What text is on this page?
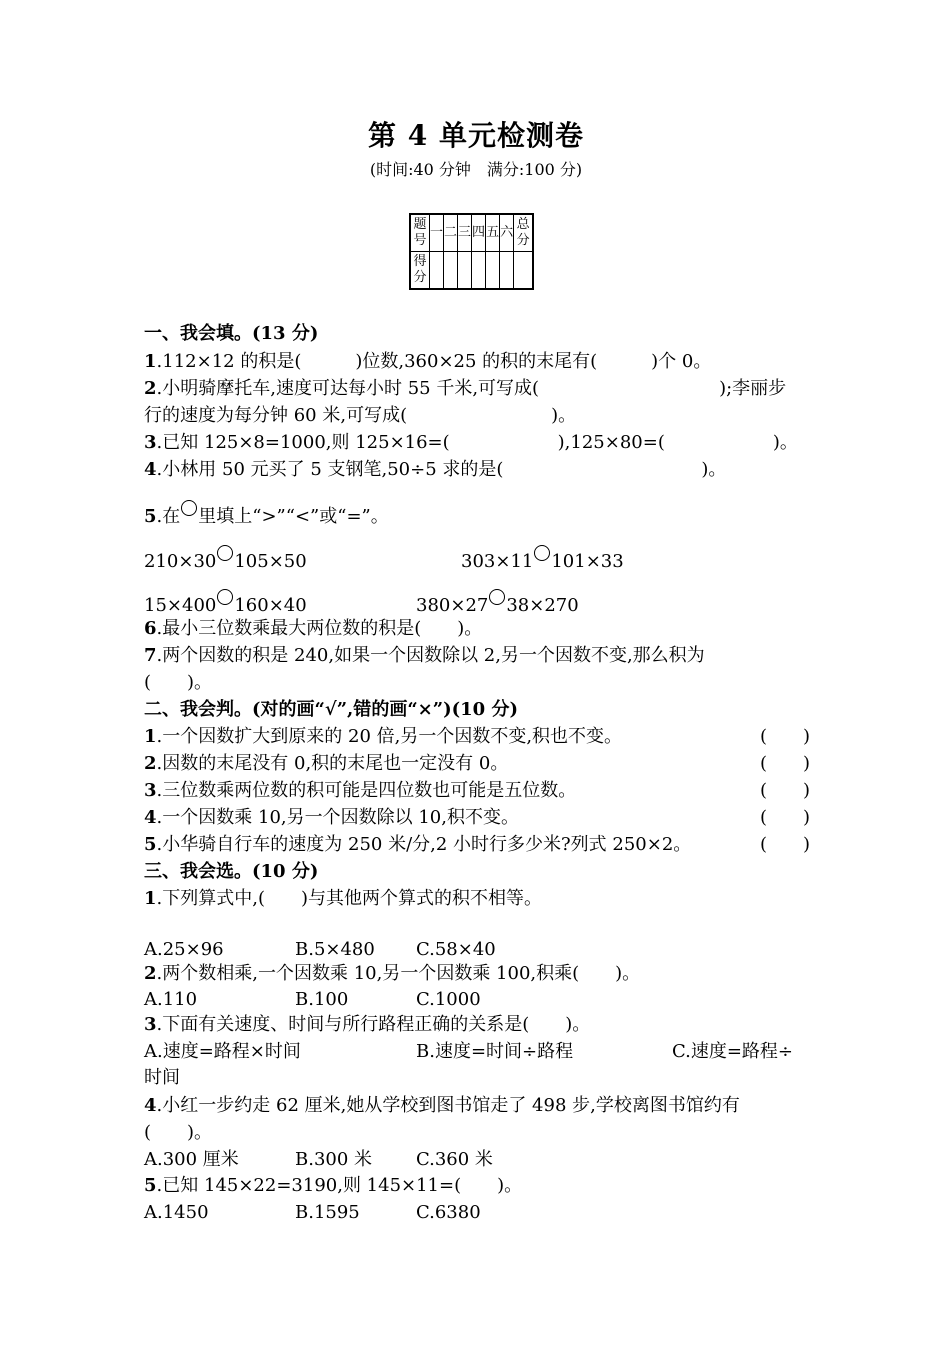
第 4 单元检测卷
(时间:40 分钟　满分:100 分)
题号	一	二	三	四	五	六	总分
得分							
一、我会填。(13 分)
1.112×12 的积是(　　　)位数,360×25 的积的末尾有(　　　)个 0。
2.小明骑摩托车,速度可达每小时 55 千米,可写成(　　　　　　　　　　);李丽步
行的速度为每分钟 60 米,可写成(　　　　　　　　)。
3.已知 125×8=1000,则 125×16=(　　　　　　),125×80=(　　　　　　)。
4.小林用 50 元买了 5 支钢笔,50÷5 求的是(　　　　　　　　　　　)。
5.在 里填上“>”“<”或“=”。
210×30 105×50	303×11 101×33
15×400 160×40	380×27 38×270
6.最小三位数乘最大两位数的积是(　　)。
7.两个因数的积是 240,如果一个因数除以 2,另一个因数不变,那么积为
(　　)。
二、我会判。(对的画“√”,错的画“×”)(10 分)
1.一个因数扩大到原来的 20 倍,另一个因数不变,积也不变。	(　　)
2.因数的末尾没有 0,积的末尾也一定没有 0。	(　　)
3.三位数乘两位数的积可能是四位数也可能是五位数。	(　　)
4.一个因数乘 10,另一个因数除以 10,积不变。	(　　)
5.小华骑自行车的速度为 250 米/分,2 小时行多少米?列式 250×2。	(　　)
三、我会选。(10 分)
1.下列算式中,(　　)与其他两个算式的积不相等。
A.25×96	B.5×480 C.58×40
2.两个数相乘,一个因数乘 10,另一个因数乘 100,积乘(　　)。
A.110	B.100	C.1000
3.下面有关速度、时间与所行路程正确的关系是(　　)。
A.速度=路程×时间	B.速度=时间÷路程	C.速度=路程÷
时间
4.小红一步约走 62 厘米,她从学校到图书馆走了 498 步,学校离图书馆约有
(　　)。
A.300 厘米	B.300 米 C.360 米
5.已知 145×22=3190,则 145×11=(　　)。
A.1450	B.1595	C.6380
